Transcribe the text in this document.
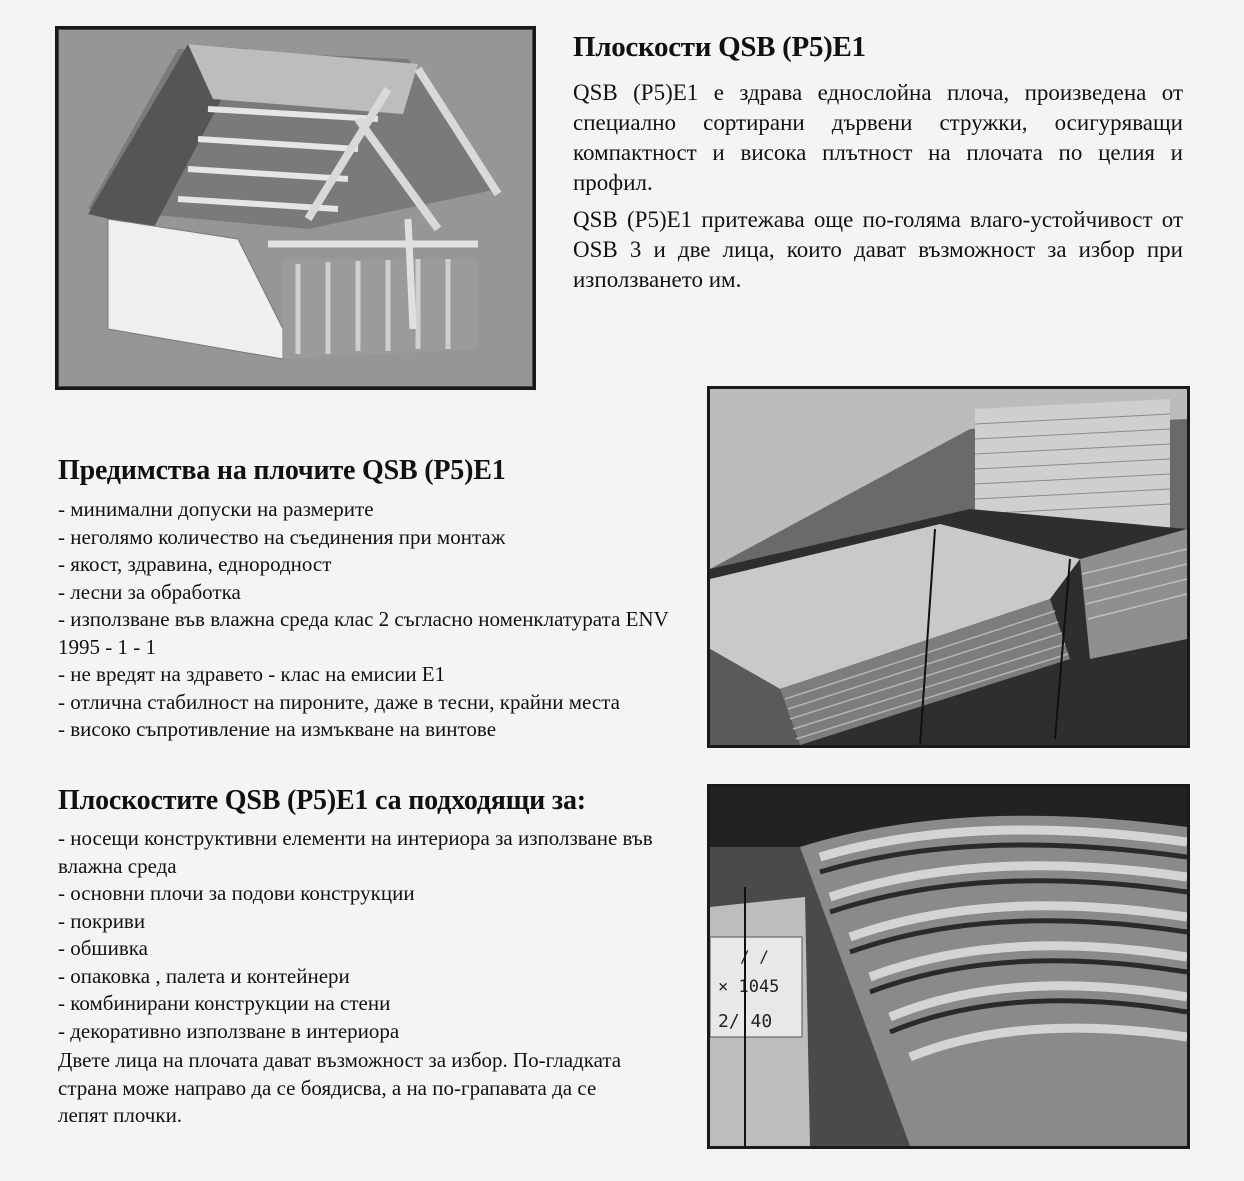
Плоскости QSB (P5)E1

QSB (P5)E1 е здрава еднослойна плоча, произведена от специално сортирани дървени стружки, осигуряващи компактност и висока плътност на плочата по целия и профил.

QSB (P5)E1 притежава още по-голяма влаго-устойчивост от OSB 3 и две лица, които дават възможност за избор при използването им.

Предимства на плочите QSB (P5)E1
- минимални допуски на размерите
- неголямо количество на съединения при монтаж
- якост, здравина, еднородност
- лесни за обработка
- използване във влажна среда клас 2 съгласно номенклатурата ENV 1995 - 1 - 1
- не вредят на здравето - клас на емисии Е1
- отлична стабилност на пироните, даже в тесни, крайни места
- високо съпротивление на измъкване на винтове
Плоскостите QSB (P5)E1 са подходящи за:
- носещи конструктивни елементи на интериора за използване във влажна среда
- основни плочи за подови конструкции
- покриви
- обшивка
- опаковка , палета и контейнери
- комбинирани конструкции на стени
- декоративно използване в интериора

Двете лица на плочата дават възможност за избор. По-гладката страна може направо да се боядисва, а на по-грапавата да се лепят плочки.

/ /
× 1045
2/ 40
